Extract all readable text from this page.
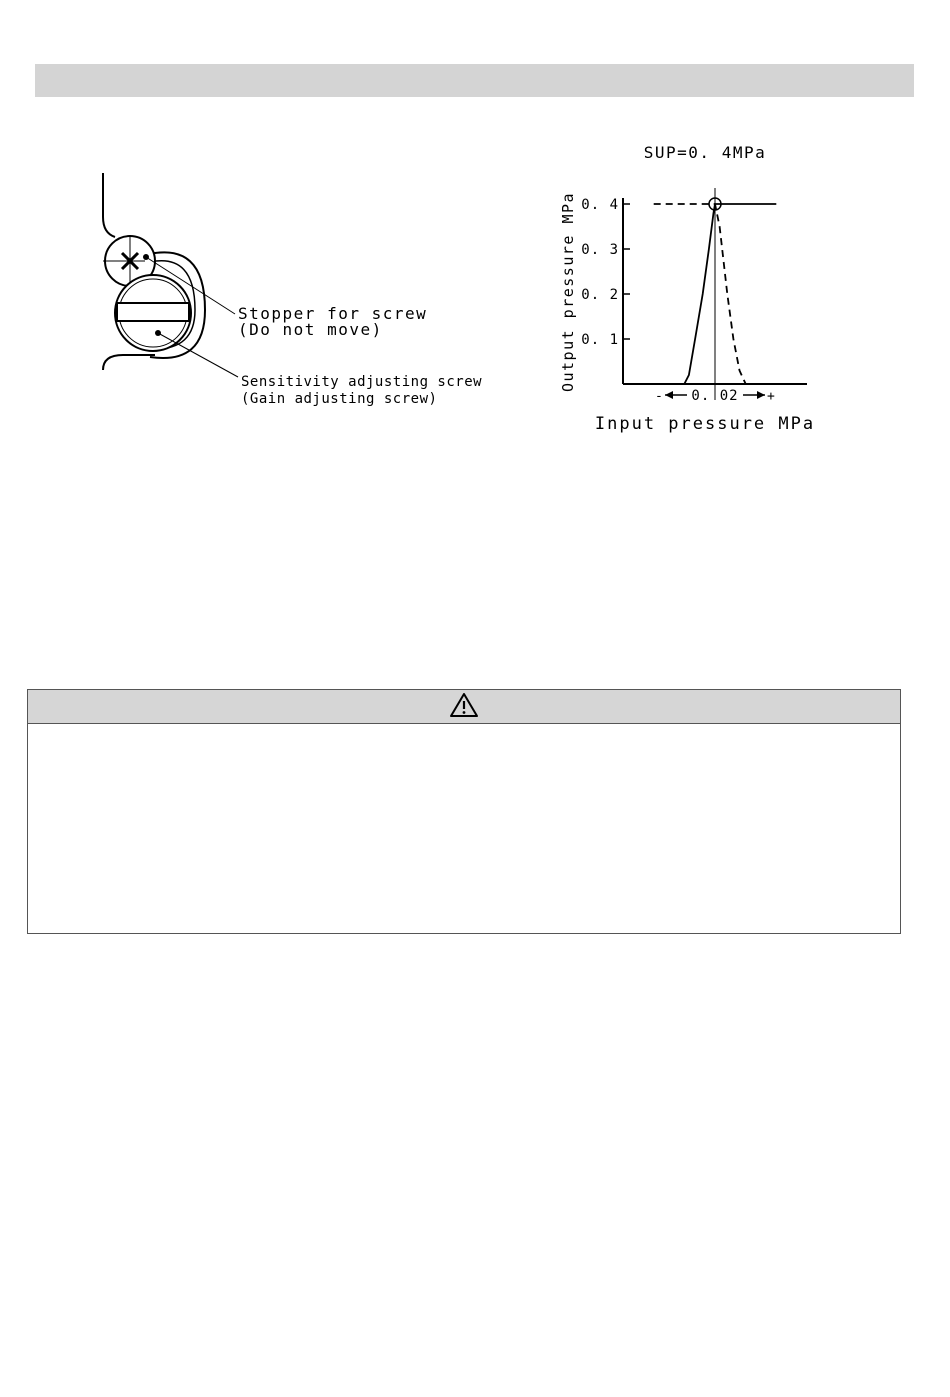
Stopper for screw
(Do not move)
Sensitivity adjusting screw
(Gain adjusting screw)
SUP=0. 4MPa
0. 4
0. 3
0. 2
0. 1
- 0. 02 +
Input pressure MPa
Output pressure MPa
